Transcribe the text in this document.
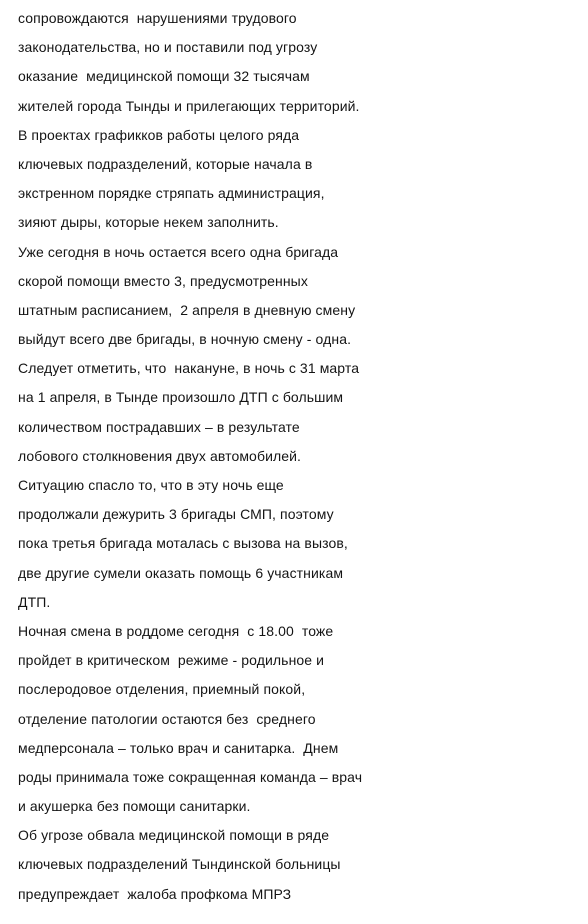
сопровождаются  нарушениями трудового
законодательства, но и поставили под угрозу
оказание  медицинской помощи 32 тысячам
жителей города Тынды и прилегающих территорий.
В проектах графикков работы целого ряда
ключевых подразделений, которые начала в
экстренном порядке стряпать администрация,
зияют дыры, которые некем заполнить.
Уже сегодня в ночь остается всего одна бригада
скорой помощи вместо 3, предусмотренных
штатным расписанием,  2 апреля в дневную смену
выйдут всего две бригады, в ночную смену - одна.
Следует отметить, что  накануне, в ночь с 31 марта
на 1 апреля, в Тынде произошло ДТП с большим
количеством пострадавших – в результате
лобового столкновения двух автомобилей.
Ситуацию спасло то, что в эту ночь еще
продолжали дежурить 3 бригады СМП, поэтому
пока третья бригада моталась с вызова на вызов,
две другие сумели оказать помощь 6 участникам
ДТП.
Ночная смена в роддоме сегодня  с 18.00  тоже
пройдет в критическом  режиме - родильное и
послеродовое отделения, приемный покой,
отделение патологии остаются без  среднего
медперсонала – только врач и санитарка.  Днем
роды принимала тоже сокращенная команда – врач
и акушерка без помощи санитарки.
Об угрозе обвала медицинской помощи в ряде
ключевых подразделений Тындинской больницы
предупреждает  жалоба профкома МПРЗ
